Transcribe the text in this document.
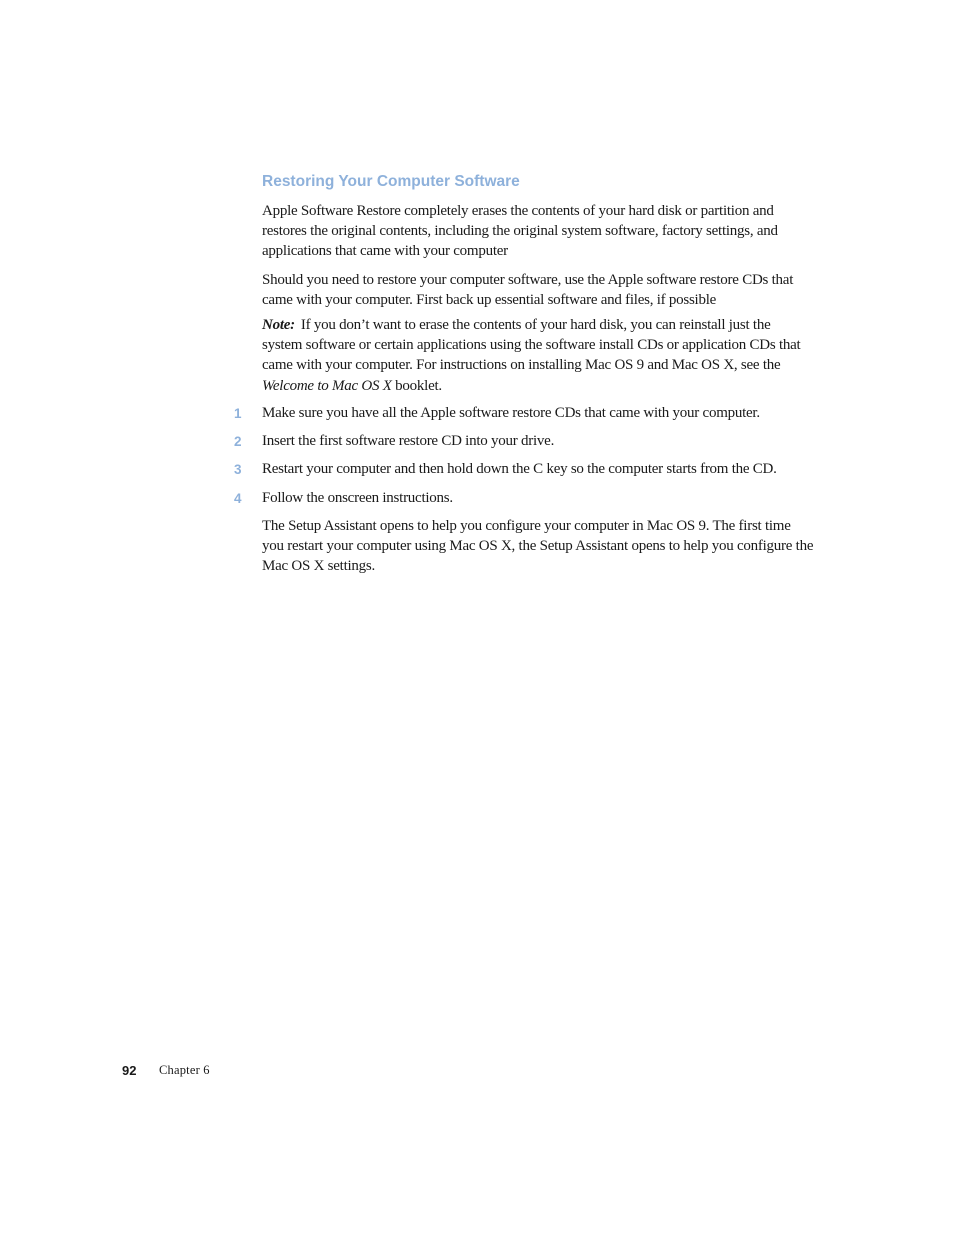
Restoring Your Computer Software

Apple Software Restore completely erases the contents of your hard disk or partition and restores the original contents, including the original system software, factory settings, and applications that came with your computer

Should you need to restore your computer software, use the Apple software restore CDs that came with your computer. First back up essential software and files, if possible

Note: If you don’t want to erase the contents of your hard disk, you can reinstall just the system software or certain applications using the software install CDs or application CDs that came with your computer. For instructions on installing Mac OS 9 and Mac OS X, see the Welcome to Mac OS X booklet.

1 Make sure you have all the Apple software restore CDs that came with your computer.
2 Insert the first software restore CD into your drive.
3 Restart your computer and then hold down the C key so the computer starts from the CD.
4 Follow the onscreen instructions.

The Setup Assistant opens to help you configure your computer in Mac OS 9. The first time you restart your computer using Mac OS X, the Setup Assistant opens to help you configure the Mac OS X settings.

92 Chapter 6
